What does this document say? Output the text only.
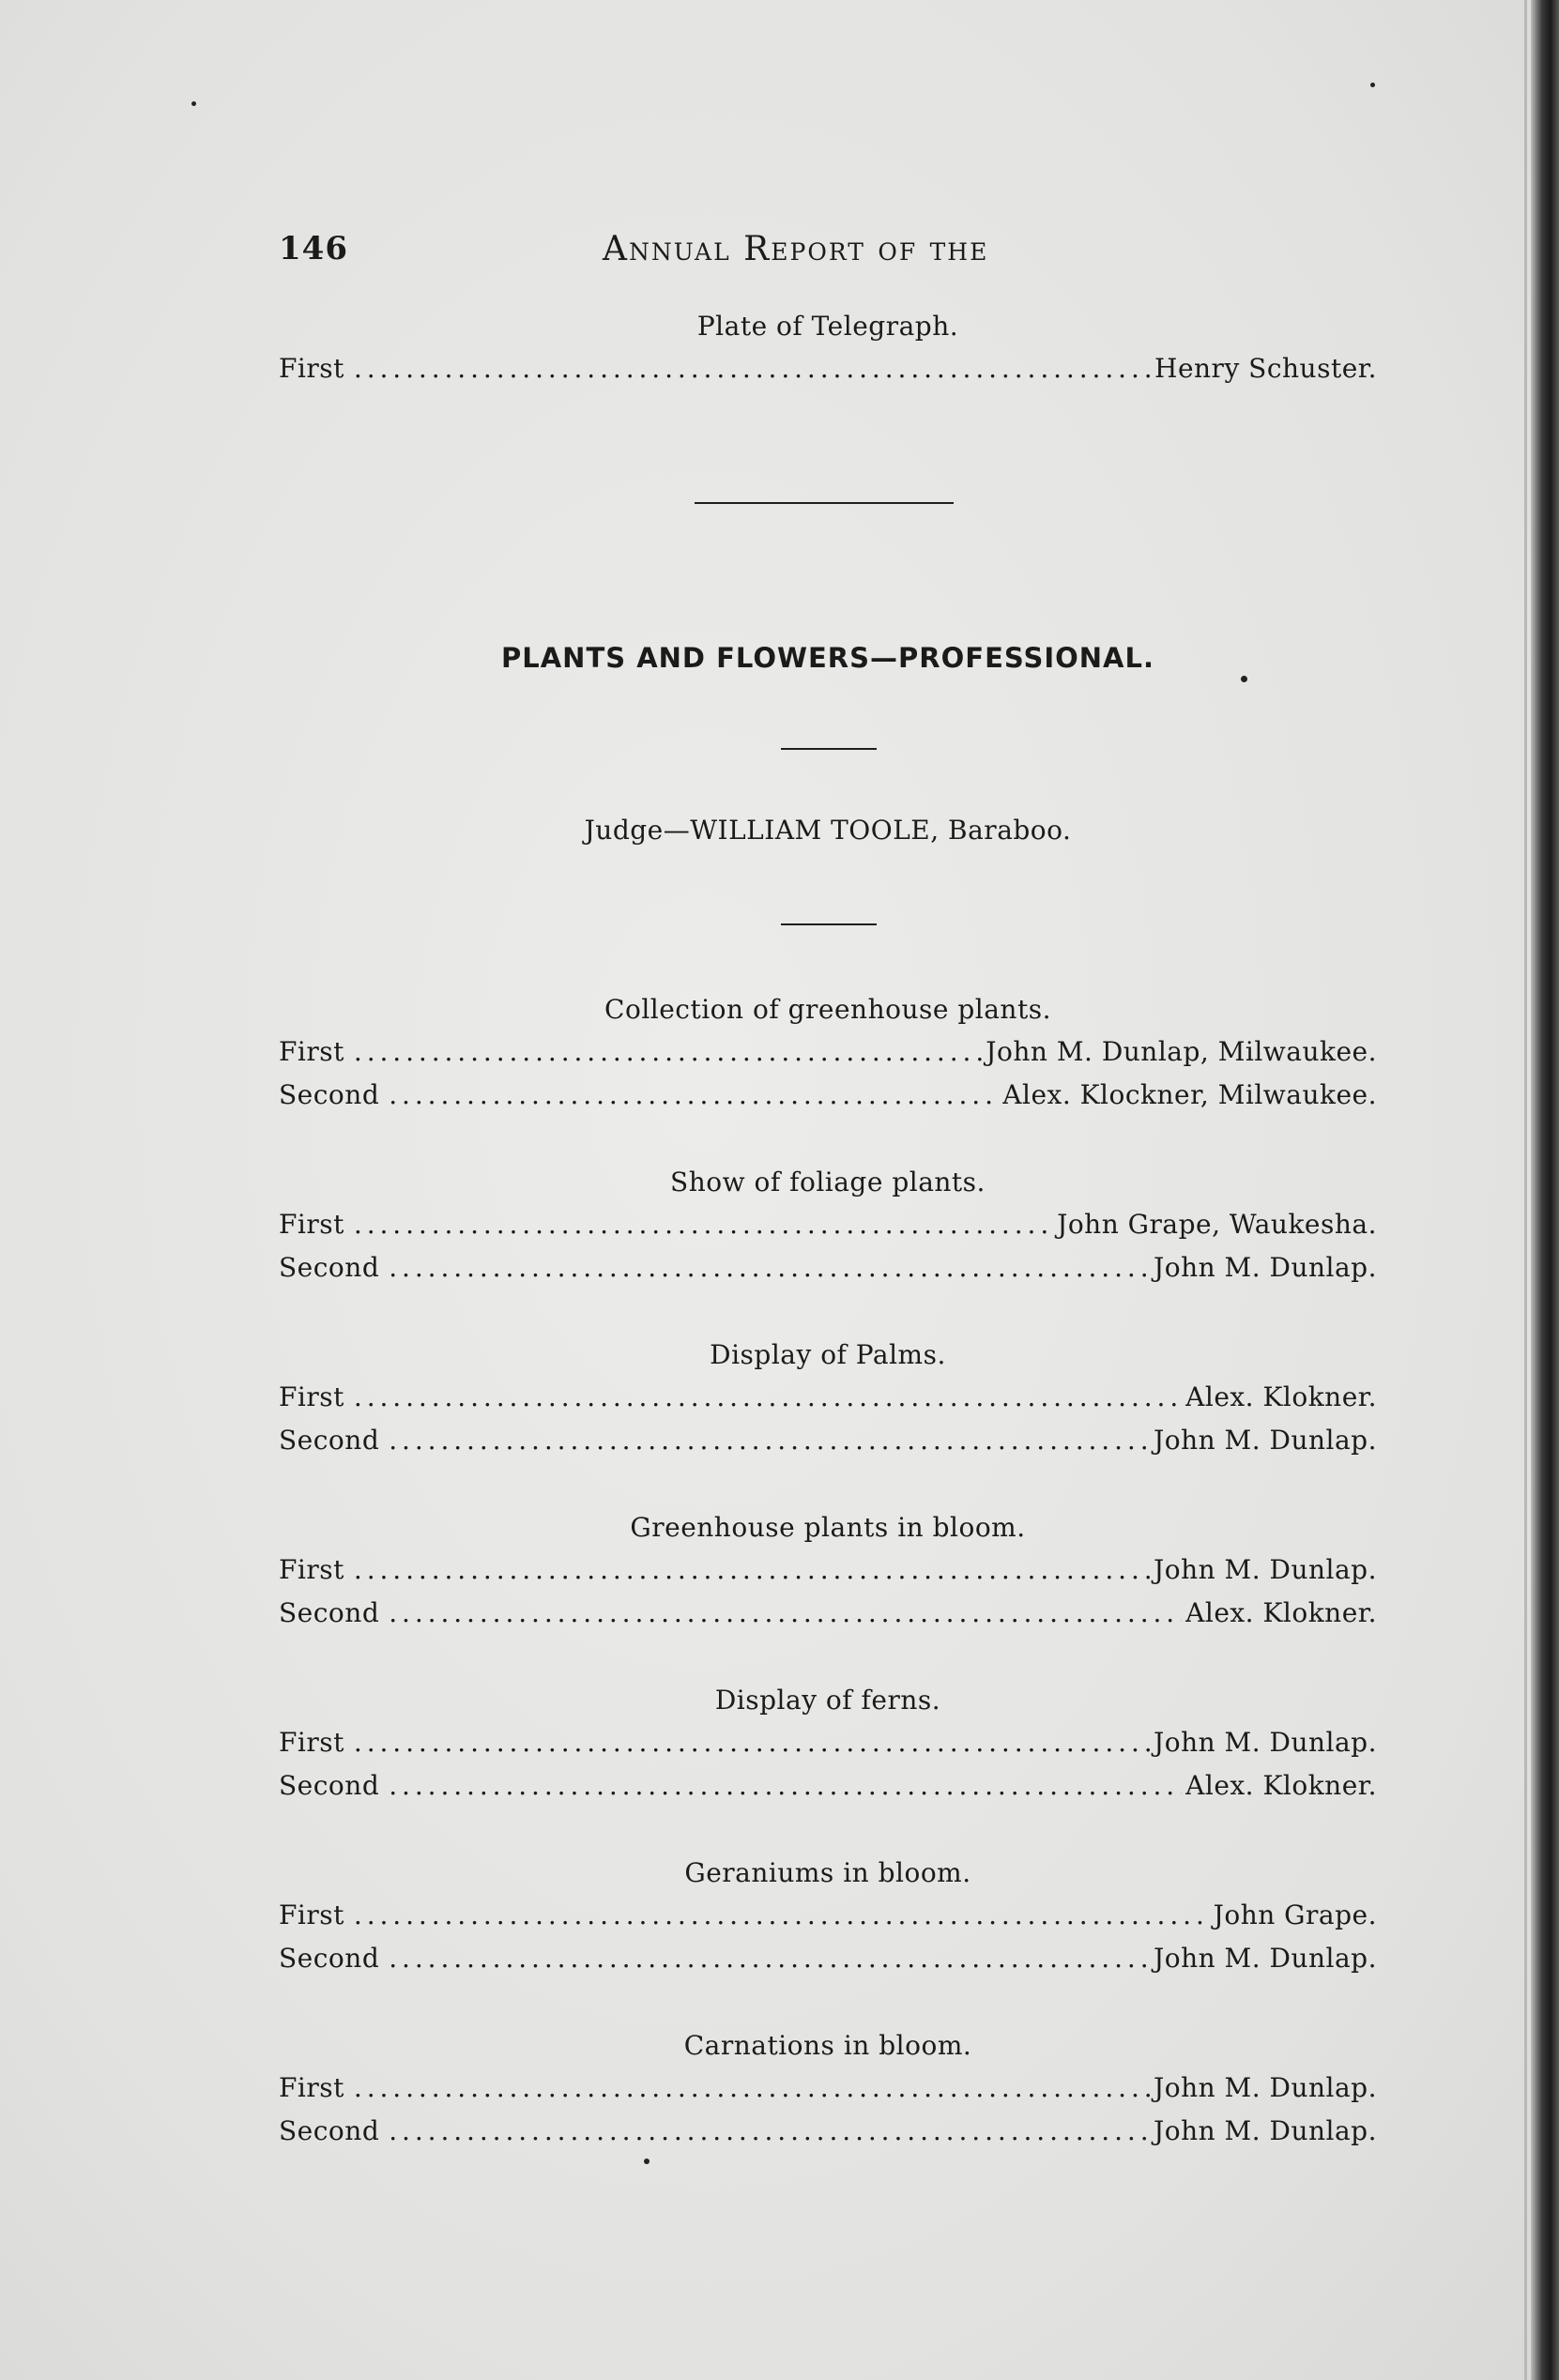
146	Annual Report of the
Plate of Telegraph.
First . . .	Henry Schuster.
PLANTS AND FLOWERS—PROFESSIONAL.
Judge—WILLIAM TOOLE, Baraboo.
Collection of greenhouse plants.
First . . .	John M. Dunlap, Milwaukee.
Second . . .	Alex. Klockner, Milwaukee.
Show of foliage plants.
First . . .	John Grape, Waukesha.
Second . . .	John M. Dunlap.
Display of Palms.
First . . .	Alex. Klokner.
Second . . .	John M. Dunlap.
Greenhouse plants in bloom.
First . . .	John M. Dunlap.
Second . . .	Alex. Klokner.
Display of ferns.
First . . .	John M. Dunlap.
Second . . .	Alex. Klokner.
Geraniums in bloom.
First . . .	John Grape.
Second . . .	John M. Dunlap.
Carnations in bloom.
First . . .	John M. Dunlap.
Second . . .	John M. Dunlap.
